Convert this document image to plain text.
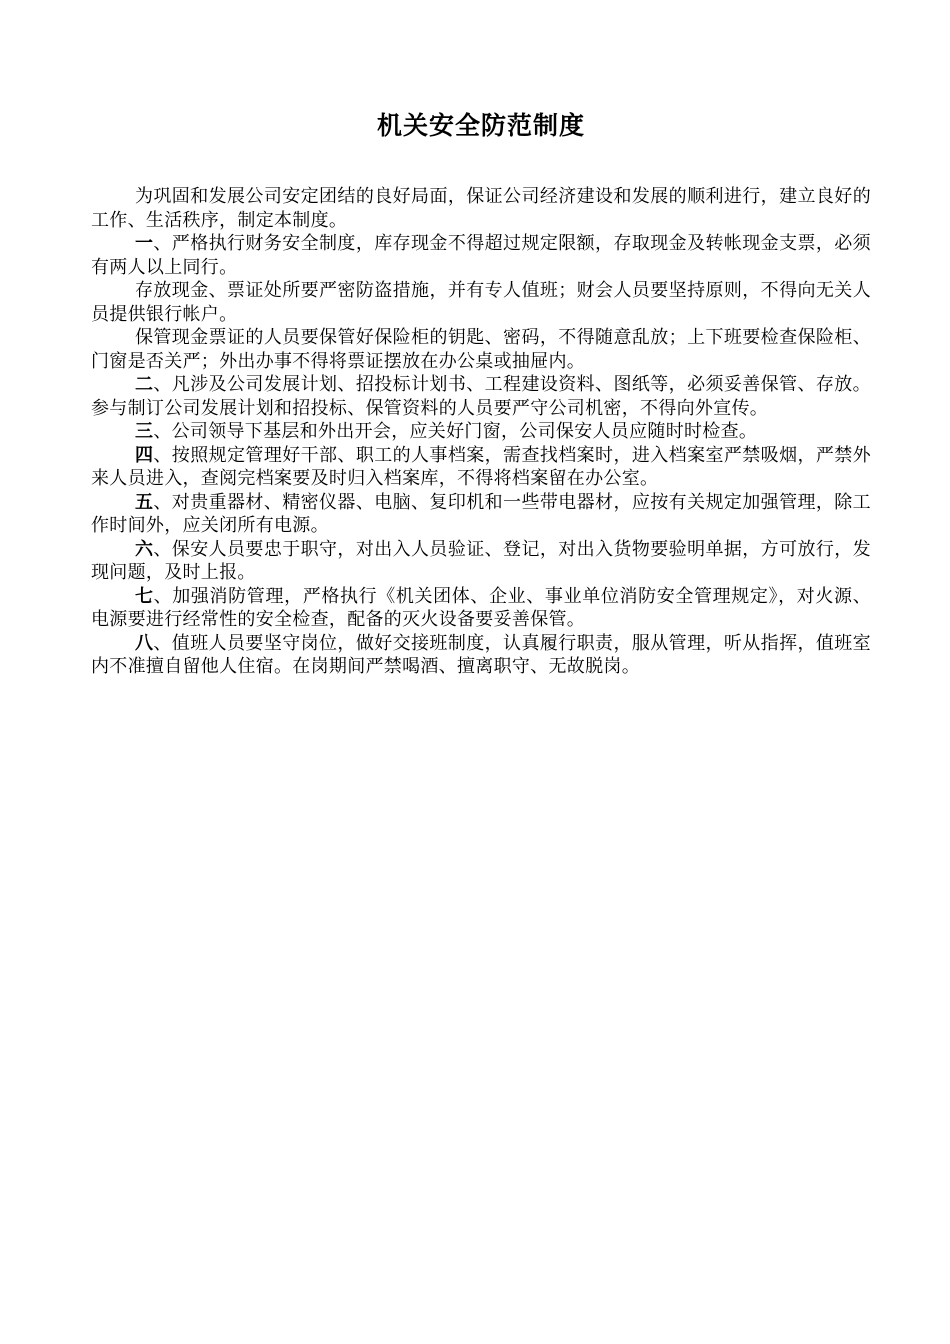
机关安全防范制度

为巩固和发展公司安定团结的良好局面，保证公司经济建设和发展的顺利进行，建立良好的工作、生活秩序，制定本制度。

一、严格执行财务安全制度，库存现金不得超过规定限额，存取现金及转帐现金支票，必须有两人以上同行。

存放现金、票证处所要严密防盗措施，并有专人值班；财会人员要坚持原则，不得向无关人员提供银行帐户。

保管现金票证的人员要保管好保险柜的钥匙、密码，不得随意乱放；上下班要检查保险柜、门窗是否关严；外出办事不得将票证摆放在办公桌或抽屉内。

二、凡涉及公司发展计划、招投标计划书、工程建设资料、图纸等，必须妥善保管、存放。参与制订公司发展计划和招投标、保管资料的人员要严守公司机密，不得向外宣传。

三、公司领导下基层和外出开会，应关好门窗，公司保安人员应随时时检查。

四、按照规定管理好干部、职工的人事档案，需查找档案时，进入档案室严禁吸烟，严禁外来人员进入，查阅完档案要及时归入档案库，不得将档案留在办公室。

五、对贵重器材、精密仪器、电脑、复印机和一些带电器材，应按有关规定加强管理，除工作时间外，应关闭所有电源。

六、保安人员要忠于职守，对出入人员验证、登记，对出入货物要验明单据，方可放行，发现问题，及时上报。

七、加强消防管理，严格执行《机关团体、企业、事业单位消防安全管理规定》，对火源、电源要进行经常性的安全检查，配备的灭火设备要妥善保管。

八、值班人员要坚守岗位，做好交接班制度，认真履行职责，服从管理，听从指挥，值班室内不准擅自留他人住宿。在岗期间严禁喝酒、擅离职守、无故脱岗。
